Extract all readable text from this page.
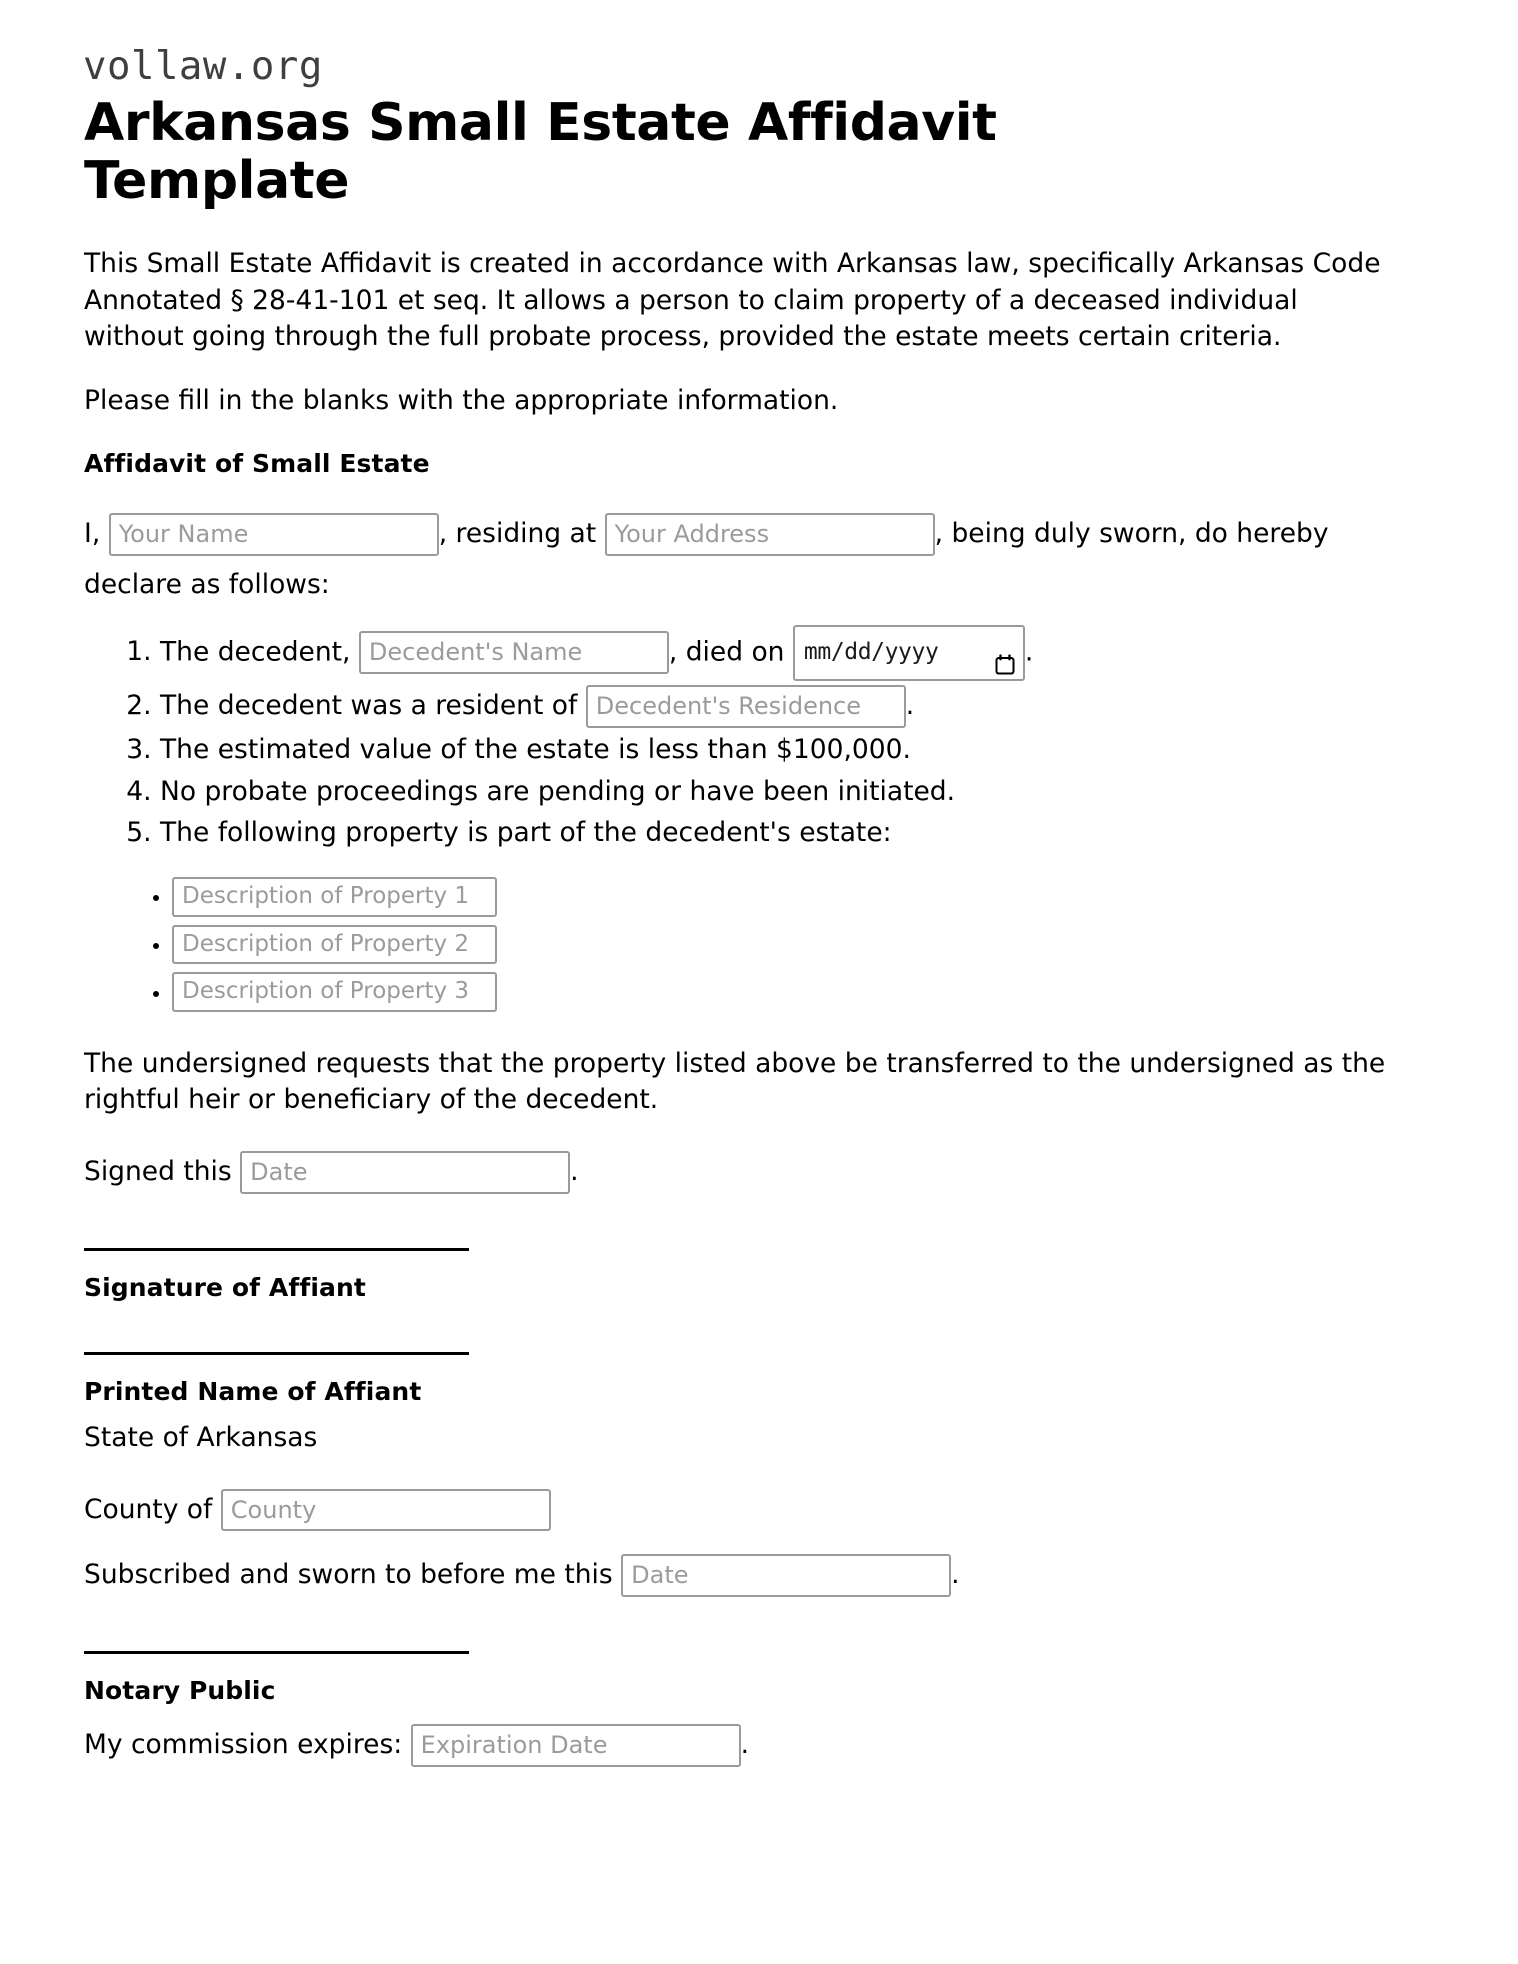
vollaw.org
Arkansas Small Estate Affidavit Template

This Small Estate Affidavit is created in accordance with Arkansas law, specifically Arkansas Code Annotated § 28-41-101 et seq. It allows a person to claim property of a deceased individual without going through the full probate process, provided the estate meets certain criteria.

Please fill in the blanks with the appropriate information.

Affidavit of Small Estate

I, Your Name	, residing at Your Address	, being duly sworn, do hereby declare as follows:

1. The decedent, Decedent's Name	, died on mm/dd/yyyy	.
2. The decedent was a resident of Decedent's Residence	.
3. The estimated value of the estate is less than $100,000.
4. No probate proceedings are pending or have been initiated.
5. The following property is part of the decedent's estate:
• Description of Property 1
• Description of Property 2
• Description of Property 3

The undersigned requests that the property listed above be transferred to the undersigned as the rightful heir or beneficiary of the decedent.

Signed this Date	.

Signature of Affiant
Printed Name of Affiant

State of Arkansas

County of County

Subscribed and sworn to before me this Date	.

Notary Public

My commission expires: Expiration Date	.
